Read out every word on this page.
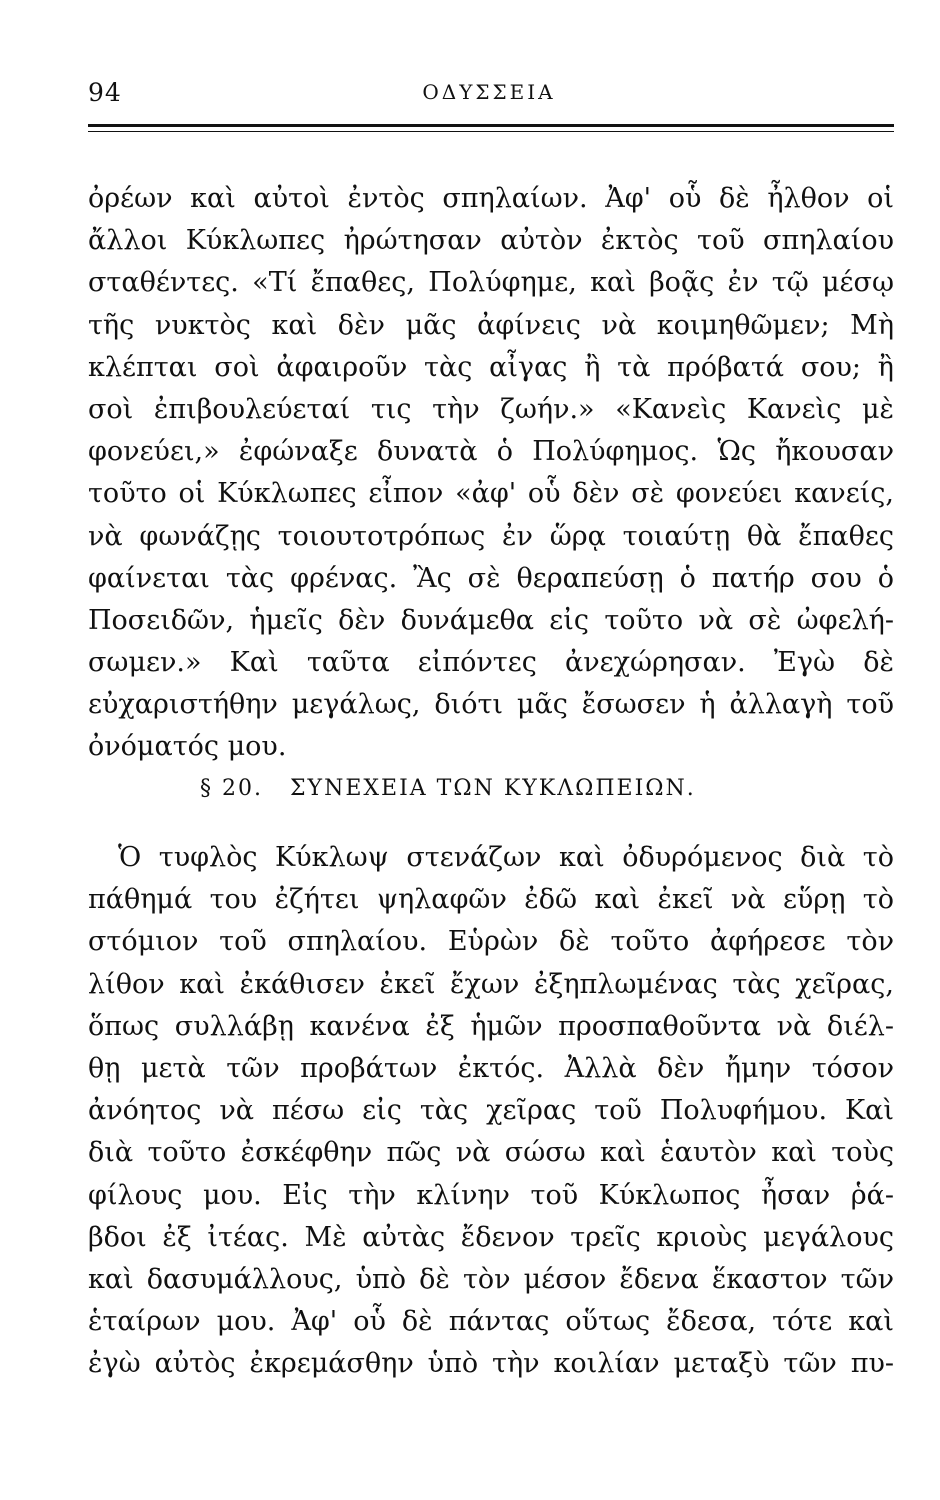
94	ΟΔΥΣΣΕΙΑ
ὀρέων καὶ αὐτοὶ ἐντὸς σπηλαίων. Ἀφ' οὗ δὲ ἦλθον οἱ
ἄλλοι Κύκλωπες ἠρώτησαν αὐτὸν ἐκτὸς τοῦ σπηλαίου
σταθέντες. «Τί ἔπαθες, Πολύφημε, καὶ βοᾷς ἐν τῷ μέσῳ
τῆς νυκτὸς καὶ δὲν μᾶς ἀφίνεις νὰ κοιμηθῶμεν; Μὴ
κλέπται σοὶ ἀφαιροῦν τὰς αἶγας ἢ τὰ πρόβατά σου; ἢ
σοὶ ἐπιβουλεύεταί τις τὴν ζωήν.» «Κανεὶς Κανεὶς μὲ
φονεύει,» ἐφώναξε δυνατὰ ὁ Πολύφημος. Ὡς ἤκουσαν
τοῦτο οἱ Κύκλωπες εἶπον «ἀφ' οὗ δὲν σὲ φονεύει κανείς,
νὰ φωνάζῃς τοιουτοτρόπως ἐν ὥρᾳ τοιαύτῃ θὰ ἔπαθες
φαίνεται τὰς φρένας. Ἂς σὲ θεραπεύσῃ ὁ πατήρ σου ὁ
Ποσειδῶν, ἡμεῖς δὲν δυνάμεθα εἰς τοῦτο νὰ σὲ ὠφελή-
σωμεν.» Καὶ ταῦτα εἰπόντες ἀνεχώρησαν. Ἐγὼ δὲ
εὐχαριστήθην μεγάλως, διότι μᾶς ἔσωσεν ἡ ἀλλαγὴ τοῦ
ὀνόματός μου.
§ 20. ΣΥΝΕΧΕΙΑ ΤΩΝ ΚΥΚΛΩΠΕΙΩΝ.
Ὁ τυφλὸς Κύκλωψ στενάζων καὶ ὀδυρόμενος διὰ τὸ
πάθημά του ἐζήτει ψηλαφῶν ἐδῶ καὶ ἐκεῖ νὰ εὕρῃ τὸ
στόμιον τοῦ σπηλαίου. Εὑρὼν δὲ τοῦτο ἀφήρεσε τὸν
λίθον καὶ ἐκάθισεν ἐκεῖ ἔχων ἐξηπλωμένας τὰς χεῖρας,
ὅπως συλλάβῃ κανένα ἐξ ἡμῶν προσπαθοῦντα νὰ διέλ-
θῃ μετὰ τῶν προβάτων ἐκτός. Ἀλλὰ δὲν ἤμην τόσον
ἀνόητος νὰ πέσω εἰς τὰς χεῖρας τοῦ Πολυφήμου. Καὶ
διὰ τοῦτο ἐσκέφθην πῶς νὰ σώσω καὶ ἑαυτὸν καὶ τοὺς
φίλους μου. Εἰς τὴν κλίνην τοῦ Κύκλωπος ἦσαν ῥά-
βδοι ἐξ ἰτέας. Μὲ αὐτὰς ἔδενον τρεῖς κριοὺς μεγάλους
καὶ δασυμάλλους, ὑπὸ δὲ τὸν μέσον ἔδενα ἕκαστον τῶν
ἑταίρων μου. Ἀφ' οὗ δὲ πάντας οὕτως ἔδεσα, τότε καὶ
ἐγὼ αὐτὸς ἐκρεμάσθην ὑπὸ τὴν κοιλίαν μεταξὺ τῶν πυ-
